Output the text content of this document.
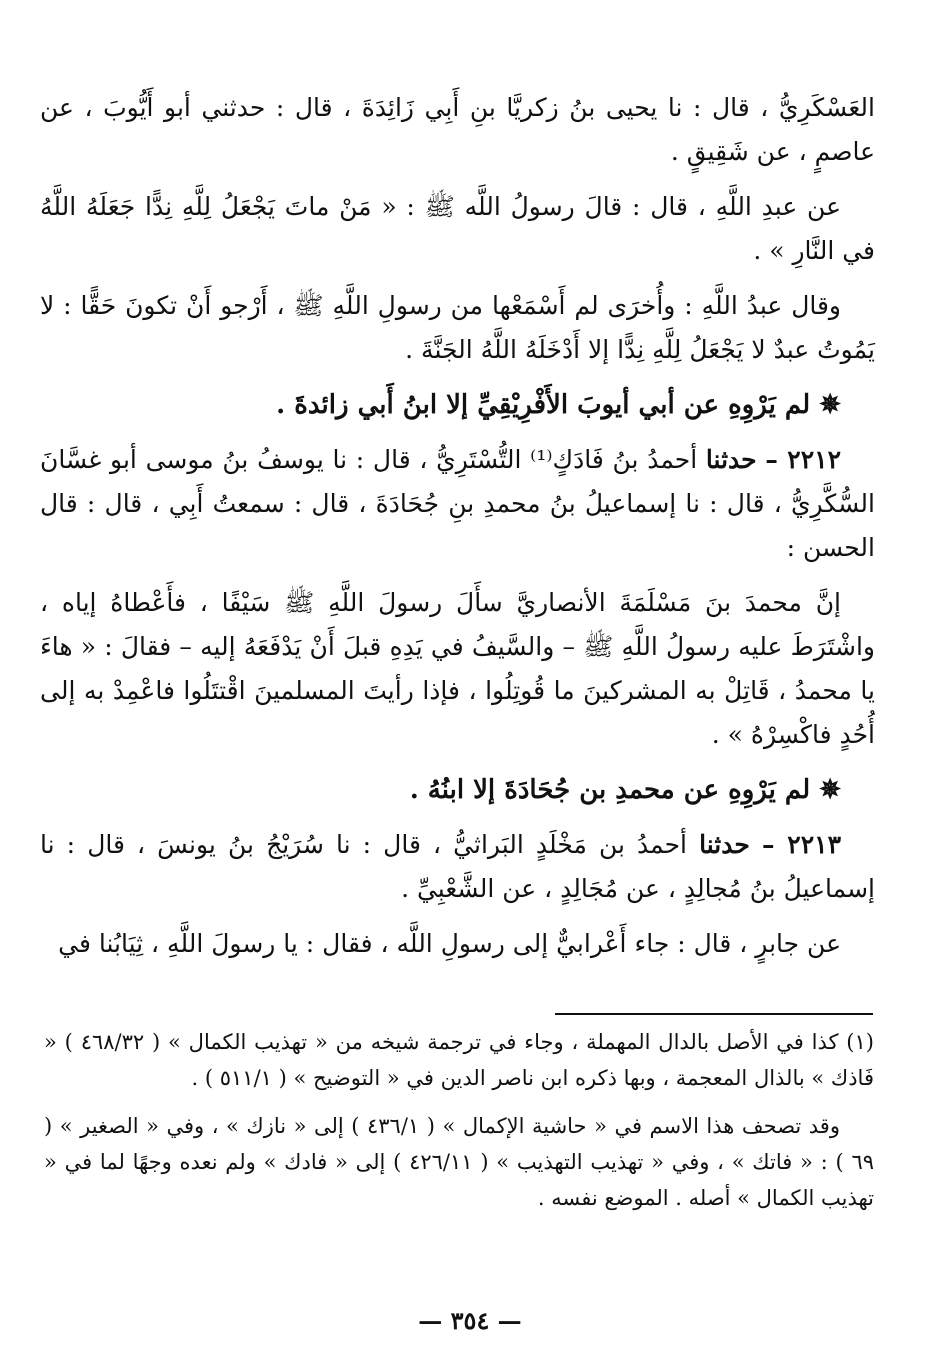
العَسْكَرِيُّ ، قال : نا يحيى بنُ زكريَّا بنِ أَبِي زَائِدَةَ ، قال : حدثني أبو أَيُّوبَ ، عن عاصمٍ ، عن شَقِيقٍ .

عن عبدِ اللَّهِ ، قال : قالَ رسولُ اللَّه ﷺ : « مَنْ ماتَ يَجْعَلُ لِلَّهِ نِدًّا جَعَلَهُ اللَّهُ في النَّارِ » .

وقال عبدُ اللَّهِ : وأُخرَى لم أَسْمَعْها من رسولِ اللَّهِ ﷺ ، أَرْجو أَنْ تكونَ حَقًّا : لا يَمُوتُ عبدٌ لا يَجْعَلُ لِلَّهِ نِدًّا إلا أَدْخَلَهُ اللَّهُ الجَنَّةَ .

✵ لم يَرْوِهِ عن أبي أيوبَ الأَفْرِيْقِيِّ إلا ابنُ أَبي زائدةَ .

٢٢١٢ – حدثنا أحمدُ بنُ فَادَكٍ⁽¹⁾ التُّسْتَرِيُّ ، قال : نا يوسفُ بنُ موسى أبو غسَّانَ السُّكَّرِيُّ ، قال : نا إسماعيلُ بنُ محمدِ بنِ جُحَادَةَ ، قال : سمعتُ أَبِي ، قال : قال الحسن :

إنَّ محمدَ بنَ مَسْلَمَةَ الأنصاريَّ سأَلَ رسولَ اللَّهِ ﷺ سَيْفًا ، فأَعْطاهُ إياه ، واشْتَرَطَ عليه رسولُ اللَّهِ ﷺ – والسَّيفُ في يَدِهِ قبلَ أَنْ يَدْفَعَهُ إليه – فقالَ : « هاءَ يا محمدُ ، قَاتِلْ به المشركينَ ما قُوتِلُوا ، فإذا رأيتَ المسلمينَ اقْتتَلُوا فاعْمِدْ به إلى أُحُدٍ فاكْسِرْهُ » .

✵ لم يَرْوِهِ عن محمدِ بن جُحَادَةَ إلا ابنُهُ .

٢٢١٣ – حدثنا أحمدُ بن مَخْلَدٍ البَراثيُّ ، قال : نا سُرَيْجُ بنُ يونسَ ، قال : نا إسماعيلُ بنُ مُجالِدٍ ، عن مُجَالِدٍ ، عن الشَّعْبِيِّ .

عن جابرٍ ، قال : جاء أَعْرابيٌّ إلى رسولِ اللَّه ، فقال : يا رسولَ اللَّهِ ، ثِيَابُنا في

(١) كذا في الأصل بالدال المهملة ، وجاء في ترجمة شيخه من « تهذيب الكمال » ( ٤٦٨/٣٢ ) « فَاذك » بالذال المعجمة ، وبها ذكره ابن ناصر الدين في « التوضيح » ( ٥١١/١ ) .

وقد تصحف هذا الاسم في « حاشية الإكمال » ( ٤٣٦/١ ) إلى « نازك » ، وفي « الصغير » ( ٦٩ ) : « فاتك » ، وفي « تهذيب التهذيب » ( ٤٢٦/١١ ) إلى « فادك » ولم نعده وجهًا لما في « تهذيب الكمال » أصله . الموضع نفسه .

— ٣٥٤ —
